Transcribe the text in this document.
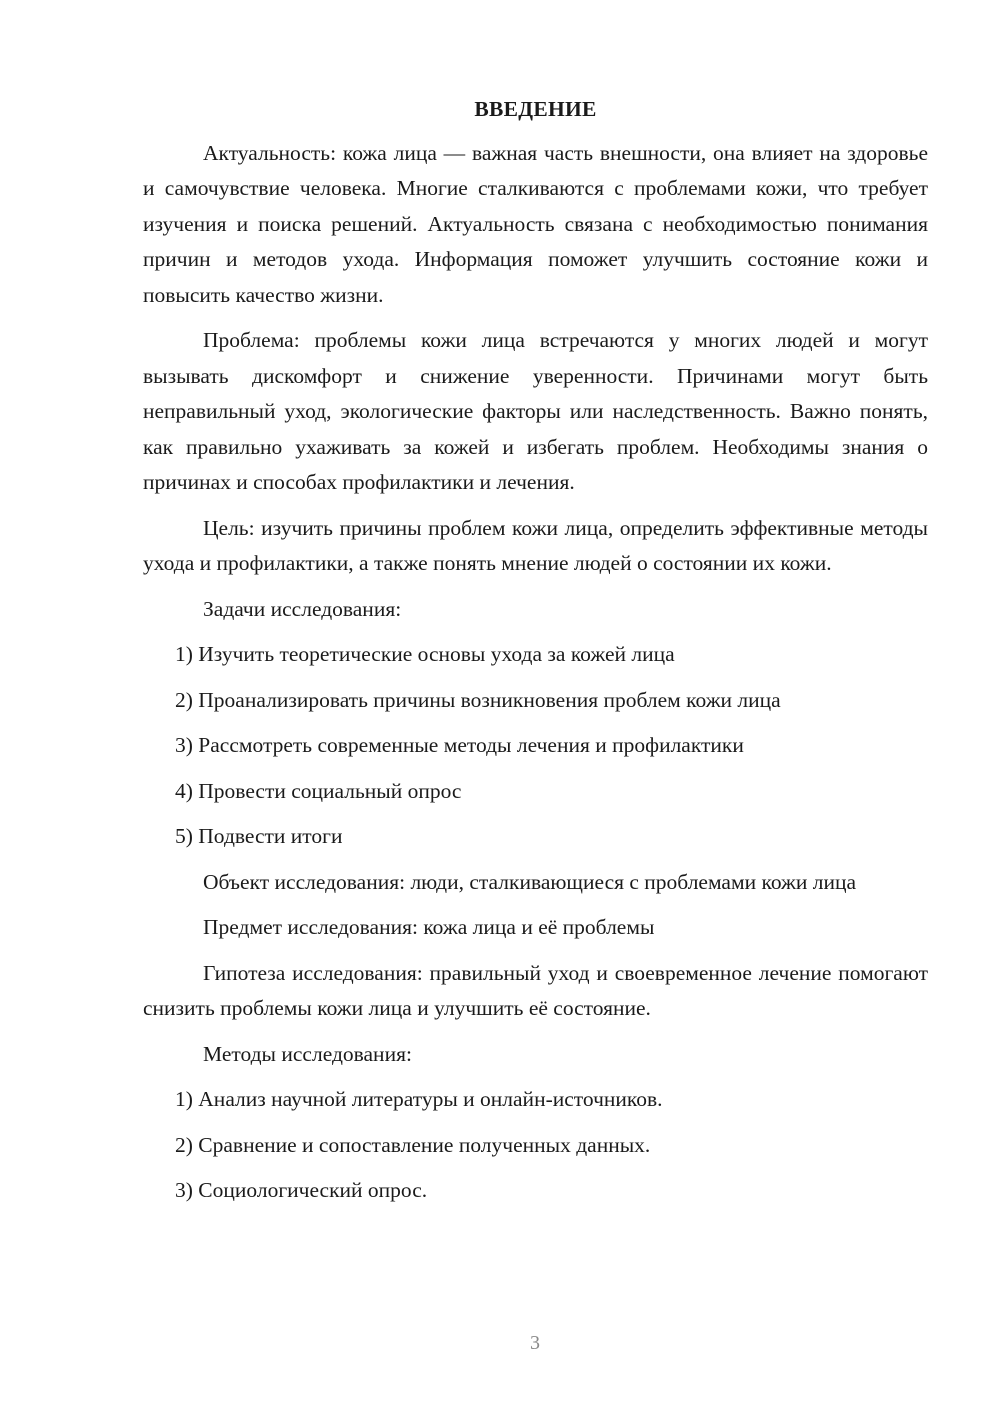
ВВЕДЕНИЕ

Актуальность: кожа лица — важная часть внешности, она влияет на здоровье и самочувствие человека. Многие сталкиваются с проблемами кожи, что требует изучения и поиска решений. Актуальность связана с необходимостью понимания причин и методов ухода. Информация поможет улучшить состояние кожи и повысить качество жизни.

Проблема: проблемы кожи лица встречаются у многих людей и могут вызывать дискомфорт и снижение уверенности. Причинами могут быть неправильный уход, экологические факторы или наследственность. Важно понять, как правильно ухаживать за кожей и избегать проблем. Необходимы знания о причинах и способах профилактики и лечения.

Цель: изучить причины проблем кожи лица, определить эффективные методы ухода и профилактики, а также понять мнение людей о состоянии их кожи.

Задачи исследования:

1) Изучить теоретические основы ухода за кожей лица

2) Проанализировать причины возникновения проблем кожи лица

3) Рассмотреть современные методы лечения и профилактики

4) Провести социальный опрос

5) Подвести итоги

Объект исследования: люди, сталкивающиеся с проблемами кожи лица

Предмет исследования: кожа лица и её проблемы

Гипотеза исследования: правильный уход и своевременное лечение помогают снизить проблемы кожи лица и улучшить её состояние.

Методы исследования:

1) Анализ научной литературы и онлайн-источников.

2) Сравнение и сопоставление полученных данных.

3) Социологический опрос.

3
